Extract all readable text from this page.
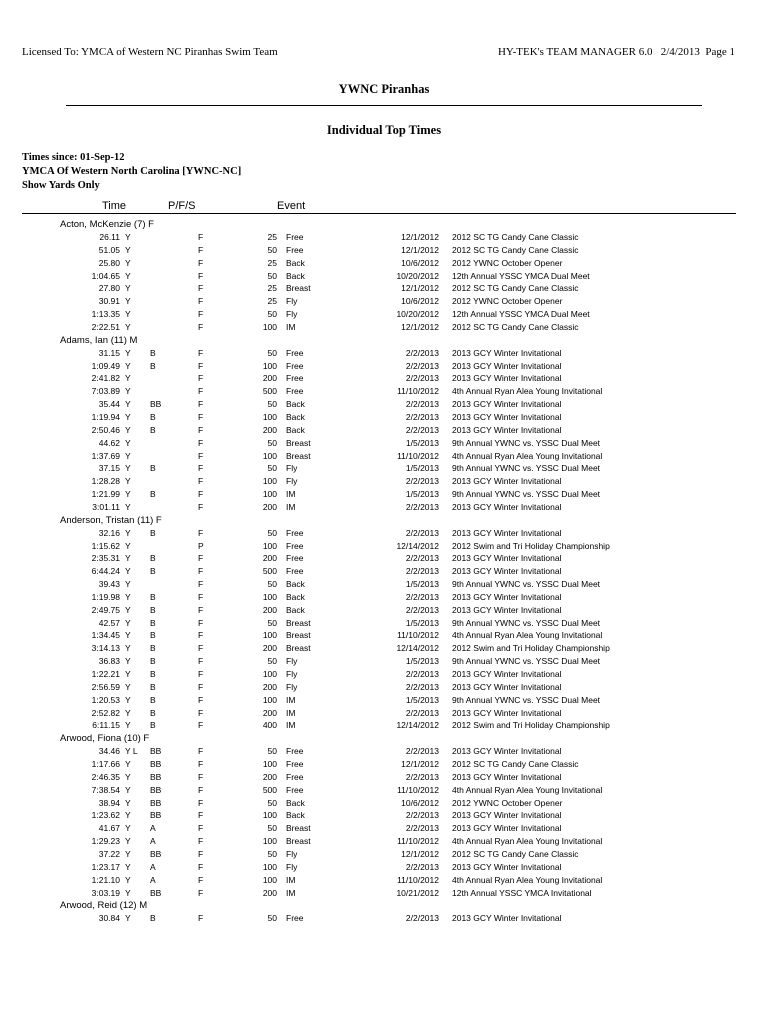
Licensed To: YMCA of Western NC Piranhas Swim Team	HY-TEK's TEAM MANAGER 6.0   2/4/2013  Page 1
YWNC Piranhas
Individual Top Times
Times since: 01-Sep-12
YMCA Of Western North Carolina [YWNC-NC]
Show Yards Only
Time	P/F/S	Event
Acton, McKenzie (7) F
26.11 Y	F	25 Free	12/1/2012 2012 SC TG Candy Cane Classic
51.05 Y	F	50 Free	12/1/2012 2012 SC TG Candy Cane Classic
25.80 Y	F	25 Back	10/6/2012 2012 YWNC October Opener
1:04.65 Y	F	50 Back	10/20/2012 12th Annual YSSC YMCA Dual Meet
27.80 Y	F	25 Breast	12/1/2012 2012 SC TG Candy Cane Classic
30.91 Y	F	25 Fly	10/6/2012 2012 YWNC October Opener
1:13.35 Y	F	50 Fly	10/20/2012 12th Annual YSSC YMCA Dual Meet
2:22.51 Y	F	100 IM	12/1/2012 2012 SC TG Candy Cane Classic
Adams, Ian (11) M
31.15 Y B	F	50 Free	2/2/2013 2013 GCY Winter Invitational
1:09.49 Y B	F	100 Free	2/2/2013 2013 GCY Winter Invitational
2:41.82 Y	F	200 Free	2/2/2013 2013 GCY Winter Invitational
7:03.89 Y	F	500 Free	11/10/2012 4th Annual Ryan Alea Young Invitational
35.44 Y BB	F	50 Back	2/2/2013 2013 GCY Winter Invitational
1:19.94 Y B	F	100 Back	2/2/2013 2013 GCY Winter Invitational
2:50.46 Y B	F	200 Back	2/2/2013 2013 GCY Winter Invitational
44.62 Y	F	50 Breast	1/5/2013 9th Annual YWNC vs. YSSC Dual Meet
1:37.69 Y	F	100 Breast	11/10/2012 4th Annual Ryan Alea Young Invitational
37.15 Y B	F	50 Fly	1/5/2013 9th Annual YWNC vs. YSSC Dual Meet
1:28.28 Y	F	100 Fly	2/2/2013 2013 GCY Winter Invitational
1:21.99 Y B	F	100 IM	1/5/2013 9th Annual YWNC vs. YSSC Dual Meet
3:01.11 Y	F	200 IM	2/2/2013 2013 GCY Winter Invitational
Anderson, Tristan (11) F
32.16 Y B	F	50 Free	2/2/2013 2013 GCY Winter Invitational
1:15.62 Y	P	100 Free	12/14/2012 2012 Swim and Tri Holiday Championship
2:35.31 Y B	F	200 Free	2/2/2013 2013 GCY Winter Invitational
6:44.24 Y B	F	500 Free	2/2/2013 2013 GCY Winter Invitational
39.43 Y	F	50 Back	1/5/2013 9th Annual YWNC vs. YSSC Dual Meet
1:19.98 Y B	F	100 Back	2/2/2013 2013 GCY Winter Invitational
2:49.75 Y B	F	200 Back	2/2/2013 2013 GCY Winter Invitational
42.57 Y B	F	50 Breast	1/5/2013 9th Annual YWNC vs. YSSC Dual Meet
1:34.45 Y B	F	100 Breast	11/10/2012 4th Annual Ryan Alea Young Invitational
3:14.13 Y B	F	200 Breast	12/14/2012 2012 Swim and Tri Holiday Championship
36.83 Y B	F	50 Fly	1/5/2013 9th Annual YWNC vs. YSSC Dual Meet
1:22.21 Y B	F	100 Fly	2/2/2013 2013 GCY Winter Invitational
2:56.59 Y B	F	200 Fly	2/2/2013 2013 GCY Winter Invitational
1:20.53 Y B	F	100 IM	1/5/2013 9th Annual YWNC vs. YSSC Dual Meet
2:52.82 Y B	F	200 IM	2/2/2013 2013 GCY Winter Invitational
6:11.15 Y B	F	400 IM	12/14/2012 2012 Swim and Tri Holiday Championship
Arwood, Fiona (10) F
34.46 Y L BB	F	50 Free	2/2/2013 2013 GCY Winter Invitational
1:17.66 Y BB	F	100 Free	12/1/2012 2012 SC TG Candy Cane Classic
2:46.35 Y BB	F	200 Free	2/2/2013 2013 GCY Winter Invitational
7:38.54 Y BB	F	500 Free	11/10/2012 4th Annual Ryan Alea Young Invitational
38.94 Y BB	F	50 Back	10/6/2012 2012 YWNC October Opener
1:23.62 Y BB	F	100 Back	2/2/2013 2013 GCY Winter Invitational
41.67 Y A	F	50 Breast	2/2/2013 2013 GCY Winter Invitational
1:29.23 Y A	F	100 Breast	11/10/2012 4th Annual Ryan Alea Young Invitational
37.22 Y BB	F	50 Fly	12/1/2012 2012 SC TG Candy Cane Classic
1:23.17 Y A	F	100 Fly	2/2/2013 2013 GCY Winter Invitational
1:21.10 Y A	F	100 IM	11/10/2012 4th Annual Ryan Alea Young Invitational
3:03.19 Y BB	F	200 IM	10/21/2012 12th Annual YSSC YMCA Invitational
Arwood, Reid (12) M
30.84 Y B	F	50 Free	2/2/2013 2013 GCY Winter Invitational
